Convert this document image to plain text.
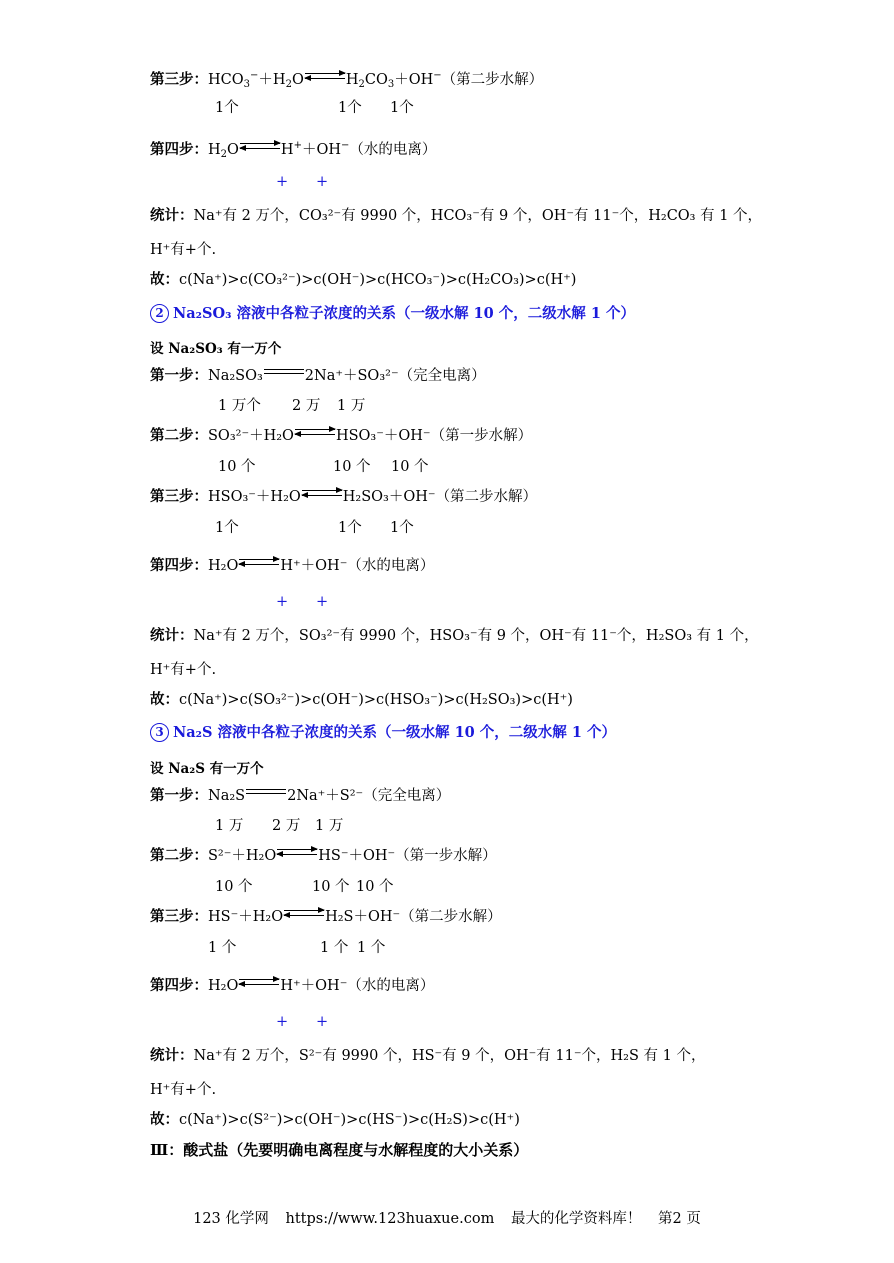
第三步：$HCO_3^-+H_2O\rightleftharpoons H_2CO_3+OH^-$（第二步水解）
1个	1个 1个
第四步：$H_2O\rightleftharpoons H^++OH^-$（水的电离）
+ +
统计：Na⁺有 2 万个，CO₃²⁻有 9990 个，HCO₃⁻有 9 个，OH⁻有 11⁻个，H₂CO₃ 有 1 个，
H⁺有+个.
故：c(Na⁺)>c(CO₃²⁻)>c(OH⁻)>c(HCO₃⁻)>c(H₂CO₃)>c(H⁺)
2 Na₂SO₃ 溶液中各粒子浓度的关系（一级水解 10 个，二级水解 1 个）
设 Na₂SO₃ 有一万个
第一步：Na₂SO₃	2Na⁺＋SO₃²⁻（完全电离）
1 万个 2 万 1 万
第二步：SO₃²⁻＋H₂O⇌HSO₃⁻＋OH⁻（第一步水解）
10 个	10 个 10 个
第三步：HSO₃⁻＋H₂O⇌H₂SO₃＋OH⁻（第二步水解）
1个	1个 1个
第四步：H₂O⇌H⁺＋OH⁻（水的电离）
+ +
统计：Na⁺有 2 万个，SO₃²⁻有 9990 个，HSO₃⁻有 9 个，OH⁻有 11⁻个，H₂SO₃ 有 1 个，
H⁺有+个.
故：c(Na⁺)>c(SO₃²⁻)>c(OH⁻)>c(HSO₃⁻)>c(H₂SO₃)>c(H⁺)
3 Na₂S 溶液中各粒子浓度的关系（一级水解 10 个，二级水解 1 个）
设 Na₂S 有一万个
第一步：Na₂S	2Na⁺＋S²⁻（完全电离）
1 万 2 万 1 万
第二步：S²⁻＋H₂O⇌HS⁻＋OH⁻（第一步水解）
10 个	10 个 10 个
第三步：HS⁻＋H₂O⇌H₂S＋OH⁻（第二步水解）
1 个	1 个 1 个
第四步：H₂O⇌H⁺＋OH⁻（水的电离）
+ +
统计：Na⁺有 2 万个，S²⁻有 9990 个，HS⁻有 9 个，OH⁻有 11⁻个，H₂S 有 1 个，
H⁺有+个.
故：c(Na⁺)>c(S²⁻)>c(OH⁻)>c(HS⁻)>c(H₂S)>c(H⁺)
Ⅲ：酸式盐（先要明确电离程度与水解程度的大小关系）
123 化学网 https://www.123huaxue.com 最大的化学资料库！ 第2 页
